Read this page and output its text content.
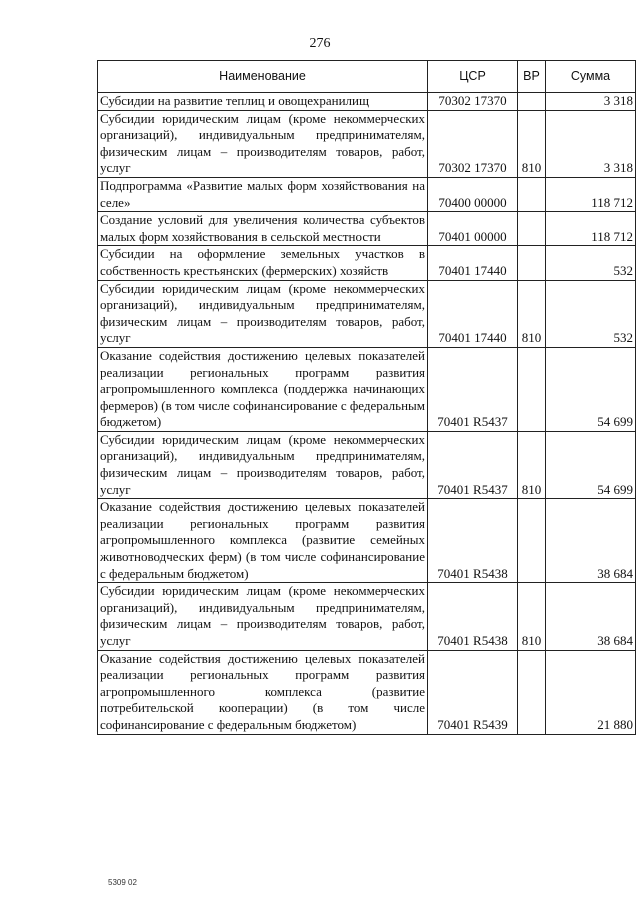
276
Наименование	ЦСР	ВР	Сумма

Субсидии на развитие теплиц и овощехранилищ	70302 17370		3 318

Субсидии юридическим лицам (кроме некоммерческих организаций), индивидуальным предпринимателям, физическим лицам – производителям товаров, работ, услуг	70302 17370	810	3 318

Подпрограмма «Развитие малых форм хозяйствования на селе»	70400 00000		118 712

Создание условий для увеличения количества субъектов малых форм хозяйствования в сельской местности	70401 00000		118 712

Субсидии на оформление земельных участков в собственность крестьянских (фермерских) хозяйств	70401 17440		532

Субсидии юридическим лицам (кроме некоммерческих организаций), индивидуальным предпринимателям, физическим лицам – производителям товаров, работ, услуг	70401 17440	810	532

Оказание содействия достижению целевых показателей реализации региональных программ развития агропромышленного комплекса (поддержка начинающих фермеров) (в том числе софинансирование с федеральным бюджетом)	70401 R5437		54 699

Субсидии юридическим лицам (кроме некоммерческих организаций), индивидуальным предпринимателям, физическим лицам – производителям товаров, работ, услуг	70401 R5437	810	54 699

Оказание содействия достижению целевых показателей реализации региональных программ развития агропромышленного комплекса (развитие семейных животноводческих ферм) (в том числе софинансирование с федеральным бюджетом)	70401 R5438		38 684

Субсидии юридическим лицам (кроме некоммерческих организаций), индивидуальным предпринимателям, физическим лицам – производителям товаров, работ, услуг	70401 R5438	810	38 684

Оказание содействия достижению целевых показателей реализации региональных программ развития агропромышленного комплекса (развитие потребительской кооперации) (в том числе софинансирование с федеральным бюджетом)	70401 R5439		21 880
5309 02
